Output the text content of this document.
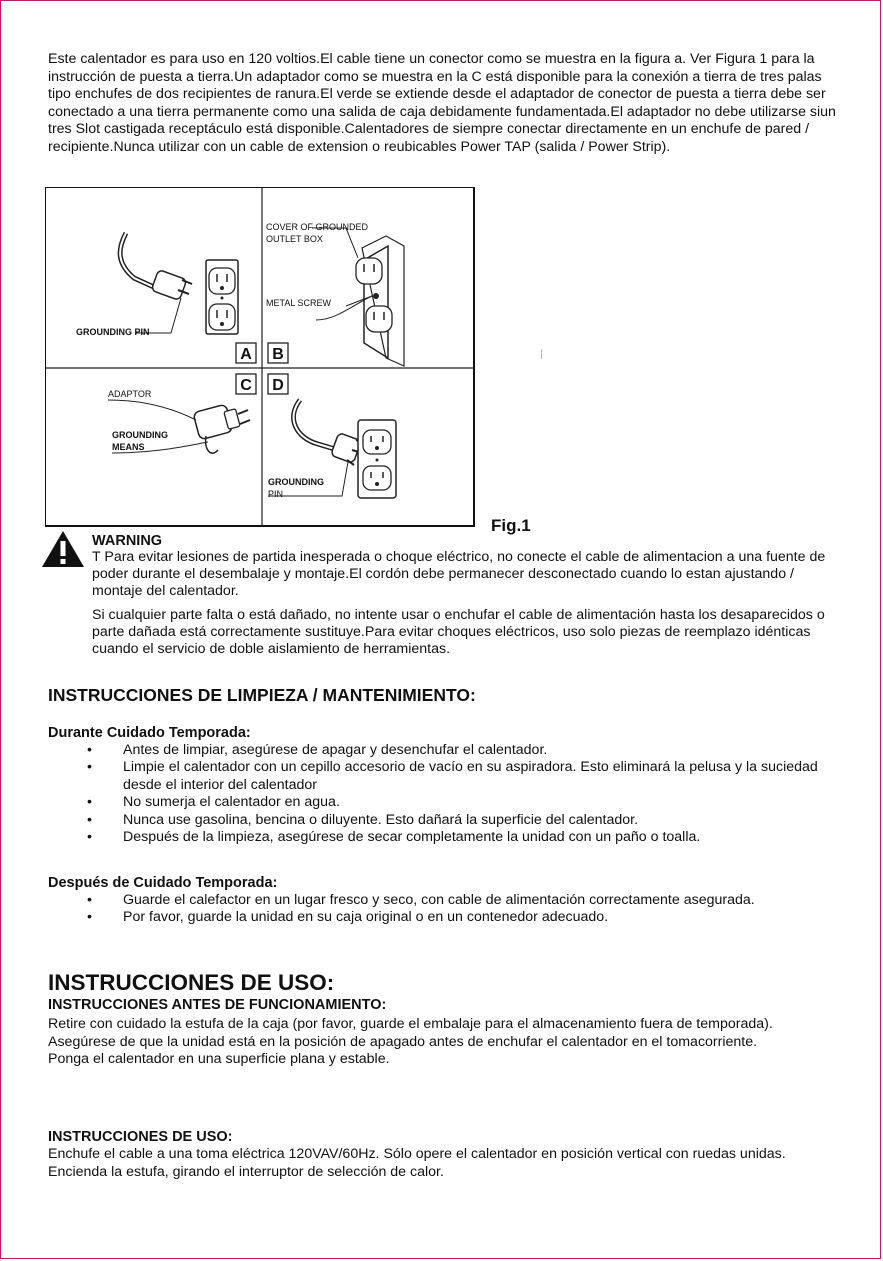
Este calentador es para uso en 120 voltios.El cable tiene un conector como se muestra en la figura a. Ver Figura 1 para la instrucción de puesta a tierra.Un adaptador como se muestra en la C está disponible para la conexión a tierra de tres palas tipo enchufes de dos recipientes de ranura.El verde se extiende desde el adaptador de conector de puesta a tierra debe ser conectado a una tierra permanente como una salida de caja debidamente fundamentada.El adaptador no debe utilizarse siun tres Slot castigada receptáculo está disponible.Calentadores de siempre conectar directamente en un enchufe de pared / recipiente.Nunca utilizar con un cable de extension o reubicables Power TAP (salida / Power Strip).

A B
C D
GROUNDING PIN
COVER OF GROUNDED
OUTLET BOX
METAL SCREW
ADAPTOR
GROUNDING
MEANS
GROUNDING
PIN
Fig.1
WARNING

T Para evitar lesiones de partida inesperada o choque eléctrico, no conecte el cable de alimentacion a una fuente de poder durante el desembalaje y montaje.El cordón debe permanecer desconectado cuando lo estan ajustando / montaje del calentador.

Si cualquier parte falta o está dañado, no intente usar o enchufar el cable de alimentación hasta los desaparecidos o parte dañada está correctamente sustituye.Para evitar choques eléctricos, uso solo piezas de reemplazo idénticas cuando el servicio de doble aislamiento de herramientas.

INSTRUCCIONES DE LIMPIEZA / MANTENIMIENTO:
Durante Cuidado Temporada:
• Antes de limpiar, asegúrese de apagar y desenchufar el calentador.
• Limpie el calentador con un cepillo accesorio de vacío en su aspiradora. Esto eliminará la pelusa y la suciedad desde el interior del calentador
• No sumerja el calentador en agua.
• Nunca use gasolina, bencina o diluyente. Esto dañará la superficie del calentador.
• Después de la limpieza, asegúrese de secar completamente la unidad con un paño o toalla.
Después de Cuidado Temporada:
• Guarde el calefactor en un lugar fresco y seco, con cable de alimentación correctamente asegurada.
• Por favor, guarde la unidad en su caja original o en un contenedor adecuado.
INSTRUCCIONES DE USO:
INSTRUCCIONES ANTES DE FUNCIONAMIENTO:
Retire con cuidado la estufa de la caja (por favor, guarde el embalaje para el almacenamiento fuera de temporada).
Asegúrese de que la unidad está en la posición de apagado antes de enchufar el calentador en el tomacorriente.
Ponga el calentador en una superficie plana y estable.
INSTRUCCIONES DE USO:
Enchufe el cable a una toma eléctrica 120VAV/60Hz. Sólo opere el calentador en posición vertical con ruedas unidas.
Encienda la estufa, girando el interruptor de selección de calor.
